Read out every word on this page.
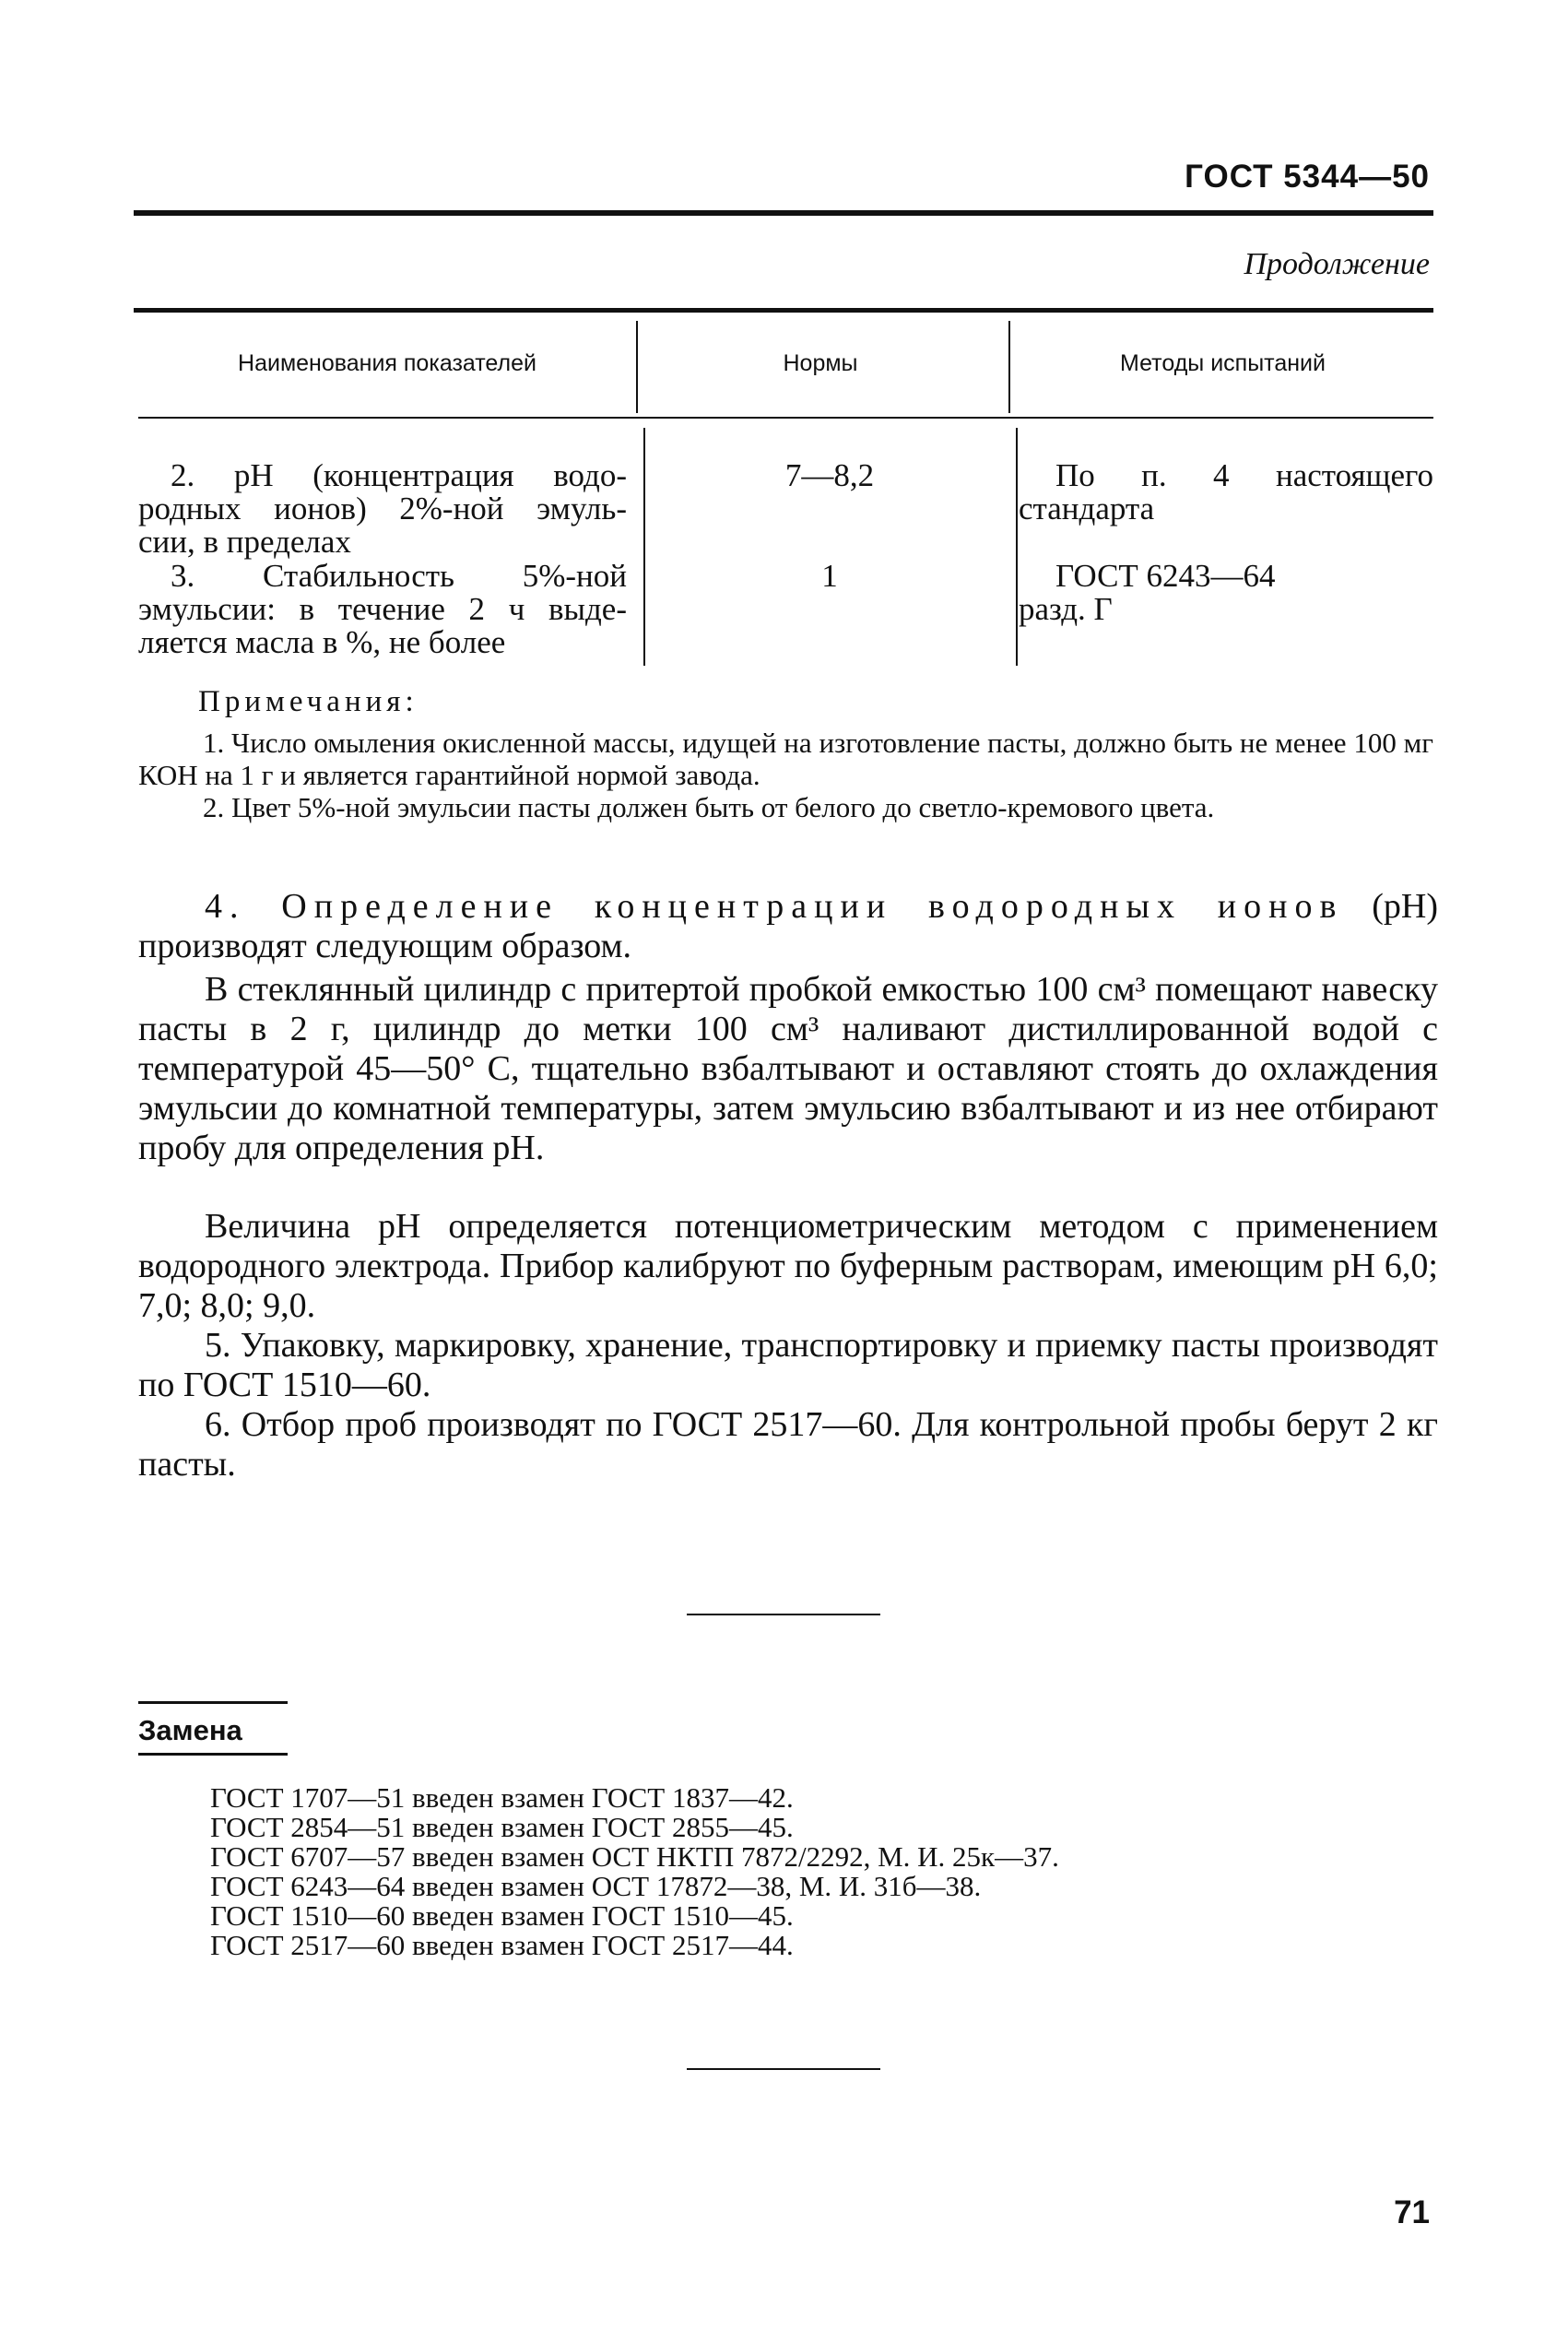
ГОСТ 5344—50
Продолжение
Наименования показателей	Нормы	Методы испытаний
2. pH (концентрация водо-
родных ионов) 2%-ной эмуль-
сии, в пределах
7—8,2	По п. 4 настоящего
стандарта
3. Стабильность 5%-ной
эмульсии: в течение 2 ч выде-
ляется масла в %, не более
1	ГОСТ 6243—64
разд. Г
Примечания:
1. Число омыления окисленной массы, идущей на изготовление пасты, должно быть не менее 100 мг КОН на 1 г и является гарантийной нормой завода.
2. Цвет 5%-ной эмульсии пасты должен быть от белого до светло-кремового цвета.
4. Определение концентрации водородных ионов (pH) производят следующим образом.
В стеклянный цилиндр с притертой пробкой емкостью 100 см³ помещают навеску пасты в 2 г, цилиндр до метки 100 см³ наливают дистиллированной водой с температурой 45—50° С, тщательно взбалтывают и оставляют стоять до охлаждения эмульсии до комнатной температуры, затем эмульсию взбалтывают и из нее отбирают пробу для определения pH.
Величина pH определяется потенциометрическим методом с применением водородного электрода. Прибор калибруют по буферным растворам, имеющим pH 6,0; 7,0; 8,0; 9,0.
5. Упаковку, маркировку, хранение, транспортировку и приемку пасты производят по ГОСТ 1510—60.
6. Отбор проб производят по ГОСТ 2517—60. Для контрольной пробы берут 2 кг пасты.
Замена
ГОСТ 1707—51 введен взамен ГОСТ 1837—42.
ГОСТ 2854—51 введен взамен ГОСТ 2855—45.
ГОСТ 6707—57 введен взамен ОСТ НКТП 7872/2292, М. И. 25к—37.
ГОСТ 6243—64 введен взамен ОСТ 17872—38, М. И. 31б—38.
ГОСТ 1510—60 введен взамен ГОСТ 1510—45.
ГОСТ 2517—60 введен взамен ГОСТ 2517—44.
71
